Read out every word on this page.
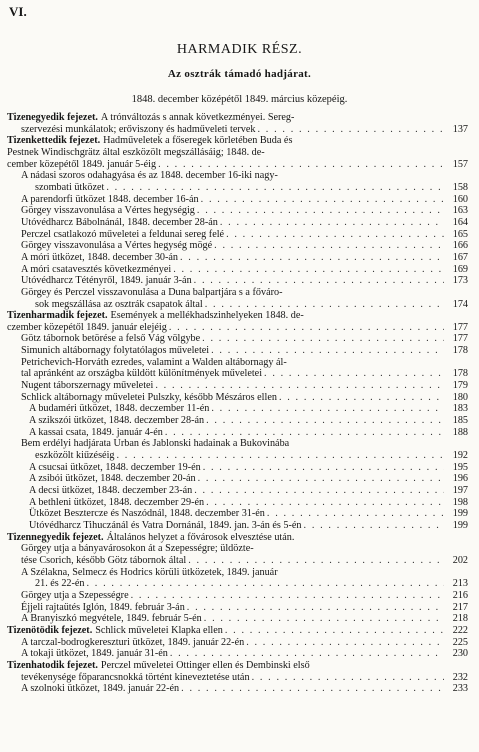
VI.
HARMADIK RÉSZ.
Az osztrák támadó hadjárat.
1848. december középétől 1849. március közepéig.
Tizenegyedik fejezet. A trónváltozás s annak következményei. Sereg-
szervezési munkálatok; erőviszony és hadműveleti tervek . . .	137
Tizenkettedik fejezet. Hadműveletek a főseregek körletében Buda és
Pestnek Windischgrätz által eszközölt megszállásáig; 1848. de-
cember közepétől 1849. január 5-éig . . .	157
A nádasi szoros odahagyása és az 1848. december 16-iki nagy-
szombati ütközet . . .	158
A parendorfi ütközet 1848. december 16-án . . .	160
Görgey visszavonulása a Vértes hegységig . . .	163
Utóvédharcz Bábolnánál, 1848. december 28-án . . .	164
Perczel csatlakozó műveletei a feldunai sereg felé . . .	165
Görgey visszavonulása a Vértes hegység mögé . . .	166
A móri ütközet, 1848. december 30-án . . .	167
A móri csatavesztés következményei . . .	169
Utóvédharcz Tétényről, 1849. január 3-án . . .	173
Görgey és Perczel visszavonulása a Duna balpartjára s a főváro-
sok megszállása az osztrák csapatok által . . .	174
Tizenharmadik fejezet. Események a mellékhadszinhelyeken 1848. de-
czember közepétől 1849. január elejéig . . .	177
Götz tábornok betörése a felső Vág völgybe . . .	177
Simunich altábornagy folytatólagos műveletei . . .	178
Petrichevich-Horváth ezredes, valamint a Walden altábornagy ál-
tal apránként az országba küldött különítmények műveletei . . .	178
Nugent táborszernagy műveletei . . .	179
Schlick altábornagy műveletei Pulszky, később Mészáros ellen . . .	180
A budaméri ütközet, 1848. deczember 11-én . . .	183
A szikszói ütközet, 1848. deczember 28-án . . .	185
A kassai csata, 1849. január 4-én . . .	188
Bem erdélyi hadjárata Urban és Jablonski hadainak a Bukovinába
eszközölt kiűzéséig . . .	192
A csucsai ütközet, 1848. deczember 19-én . . .	195
A zsibói ütközet, 1848. deczember 20-án . . .	196
A decsi ütközet, 1848. deczember 23-án . . .	197
A bethleni ütközet, 1848. deczember 29-én . . .	198
Ütközet Besztercze és Naszódnál, 1848. deczember 31-én . . .	199
Utóvédharcz Tihuczánál és Vatra Dornánál, 1849. jan. 3-án és 5-én . . .	199
Tizennegyedik fejezet. Általános helyzet a fővárosok elvesztése után.
Görgey utja a bányavárosokon át a Szepességre; üldözte-
tése Csorich, később Götz tábornok által . . .	202
A Szélakna, Selmecz és Hodrics körüli ütközetek, 1849. január
21. és 22-én . . .	213
Görgey utja a Szepességre . . .	216
Éjjeli rajtaütés Iglón, 1849. február 3-án . . .	217
A Branyiszkó megvétele, 1849. február 5-én . . .	218
Tizenötödik fejezet. Schlick műveletei Klapka ellen . . .	222
A tarczal-bodrogkereszturi ütközet, 1849. január 22-én . . .	225
A tokaji ütközet, 1849. január 31-én . . .	230
Tizenhatodik fejezet. Perczel műveletei Ottinger ellen és Dembinski első
tevékenysége főparancsnokká történt kineveztetése után . . .	232
A szolnoki ütközet, 1849. január 22-én . . .	233
